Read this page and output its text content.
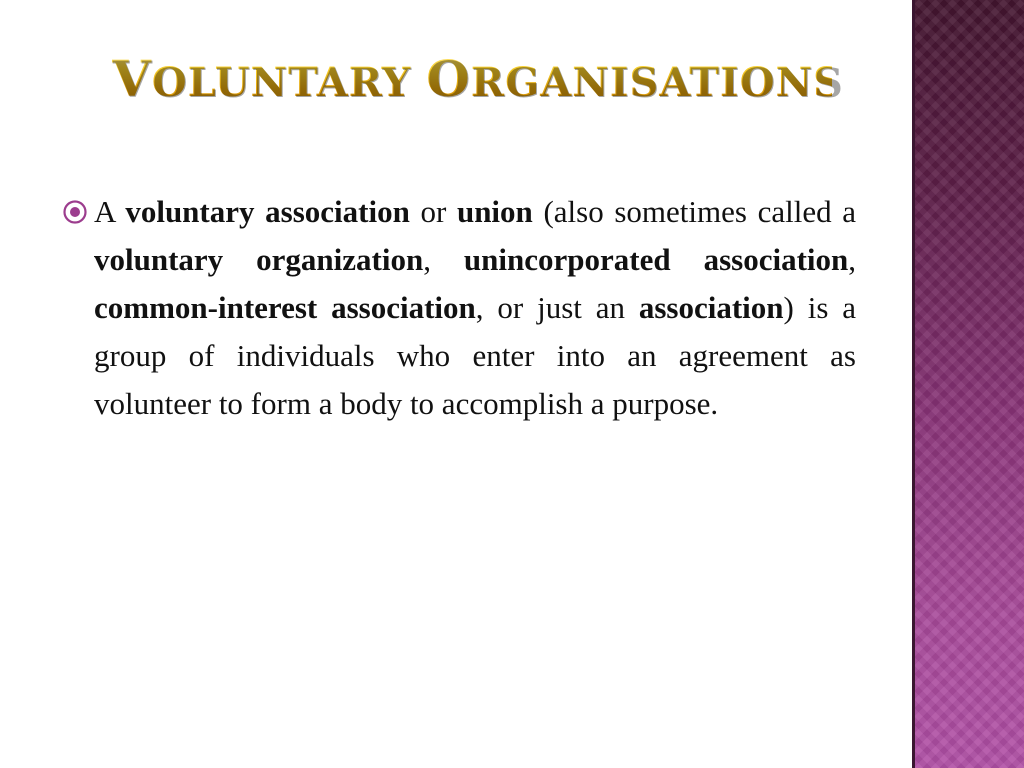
VOLUNTARY ORGANISATIONS

A voluntary association or union (also sometimes called a voluntary organization, unincorporated association, common-interest association, or just an association) is a group of individuals who enter into an agreement as volunteer to form a body to accomplish a purpose.
